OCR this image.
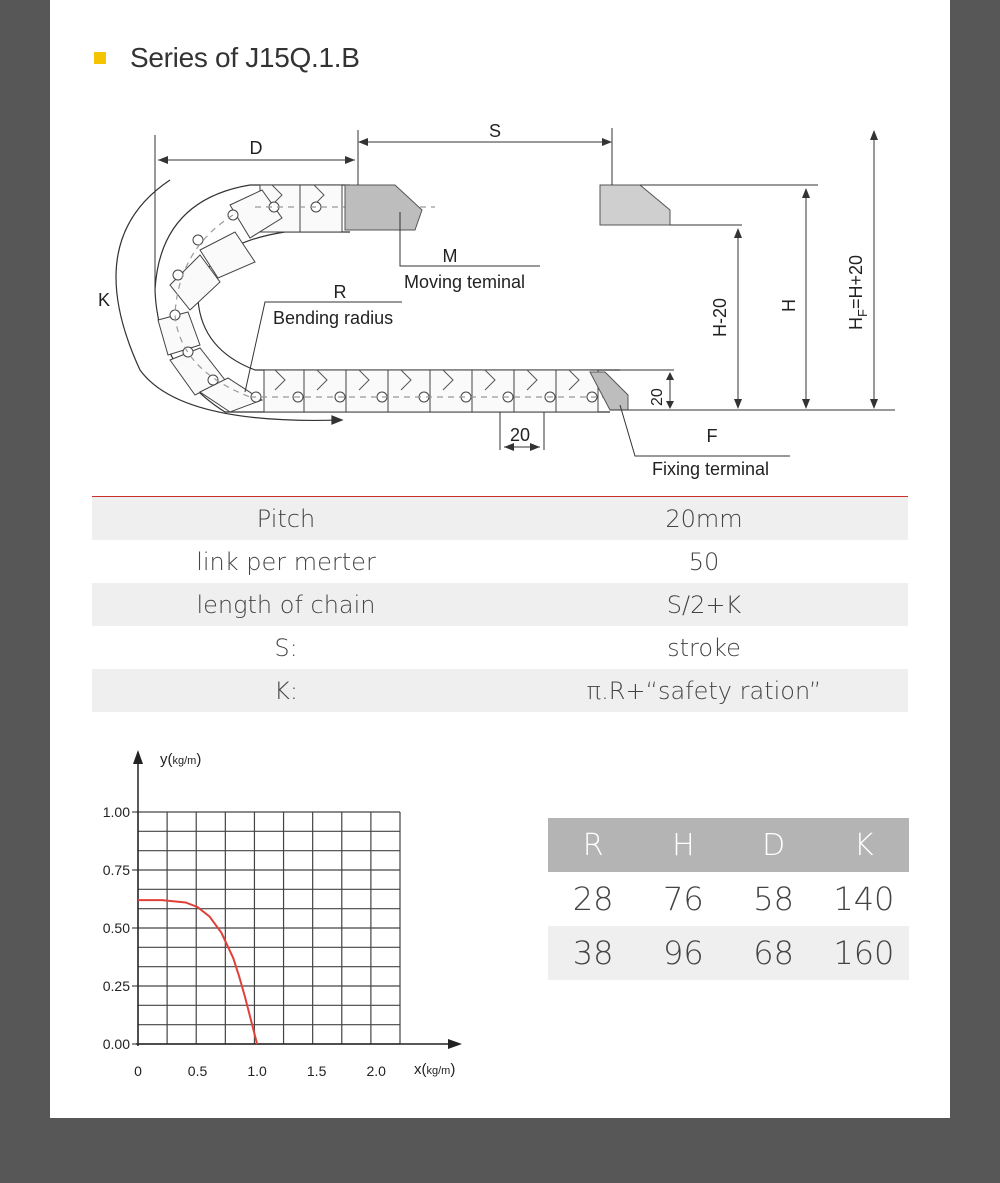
Series of J15Q.1.B
S
D
K
M
Moving teminal
R
Bending radius
F
Fixing terminal
20
H-20	H
20
$H_F=H+20$
Pitch	20mm
link per merter	50
length of chain	S/2+K
S:	stroke
K:	π.R+“safety ration”
1.00
0.75
0.50
0.25
0.00
0	0.5	1.0	1.5	2.0
y(kg/m)
x(kg/m)
R	H	D	K
28	76	58	140
38	96	68	160
